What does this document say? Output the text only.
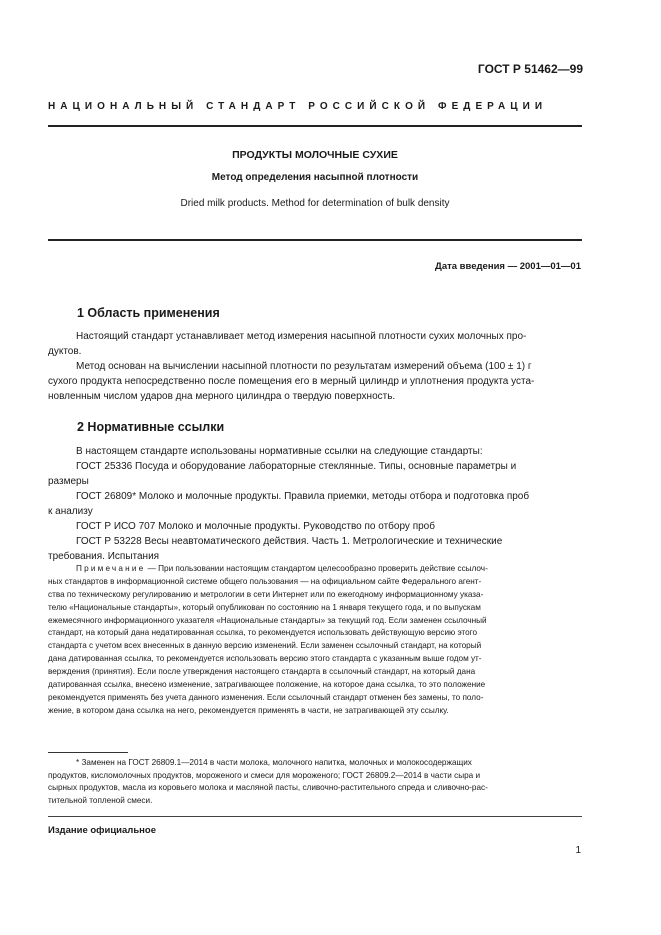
ГОСТ Р 51462—99
НАЦИОНАЛЬНЫЙ СТАНДАРТ РОССИЙСКОЙ ФЕДЕРАЦИИ
ПРОДУКТЫ МОЛОЧНЫЕ СУХИЕ
Метод определения насыпной плотности
Dried milk products. Method for determination of bulk density
Дата введения — 2001—01—01
1 Область применения
Настоящий стандарт устанавливает метод измерения насыпной плотности сухих молочных про-
дуктов.
Метод основан на вычислении насыпной плотности по результатам измерений объема (100 ± 1) г
сухого продукта непосредственно после помещения его в мерный цилиндр и уплотнения продукта уста-
новленным числом ударов дна мерного цилиндра о твердую поверхность.
2 Нормативные ссылки
В настоящем стандарте использованы нормативные ссылки на следующие стандарты:
ГОСТ 25336 Посуда и оборудование лабораторные стеклянные. Типы, основные параметры и
размеры
ГОСТ 26809* Молоко и молочные продукты. Правила приемки, методы отбора и подготовка проб
к анализу
ГОСТ Р ИСО 707 Молоко и молочные продукты. Руководство по отбору проб
ГОСТ Р 53228 Весы неавтоматического действия. Часть 1. Метрологические и технические
требования. Испытания
Примечание — При пользовании настоящим стандартом целесообразно проверить действие ссылоч-
ных стандартов в информационной системе общего пользования — на официальном сайте Федерального агент-
ства по техническому регулированию и метрологии в сети Интернет или по ежегодному информационному указа-
телю «Национальные стандарты», который опубликован по состоянию на 1 января текущего года, и по выпускам
ежемесячного информационного указателя «Национальные стандарты» за текущий год. Если заменен ссылочный
стандарт, на который дана недатированная ссылка, то рекомендуется использовать действующую версию этого
стандарта с учетом всех внесенных в данную версию изменений. Если заменен ссылочный стандарт, на который
дана датированная ссылка, то рекомендуется использовать версию этого стандарта с указанным выше годом ут-
верждения (принятия). Если после утверждения настоящего стандарта в ссылочный стандарт, на который дана
датированная ссылка, внесено изменение, затрагивающее положение, на которое дана ссылка, то это положение
рекомендуется применять без учета данного изменения. Если ссылочный стандарт отменен без замены, то поло-
жение, в котором дана ссылка на него, рекомендуется применять в части, не затрагивающей эту ссылку.
* Заменен на ГОСТ 26809.1—2014 в части молока, молочного напитка, молочных и молокосодержащих
продуктов, кисломолочных продуктов, мороженого и смеси для мороженого; ГОСТ 26809.2—2014 в части сыра и
сырных продуктов, масла из коровьего молока и масляной пасты, сливочно-растительного спреда и сливочно-рас-
тительной топленой смеси.
Издание официальное
1
